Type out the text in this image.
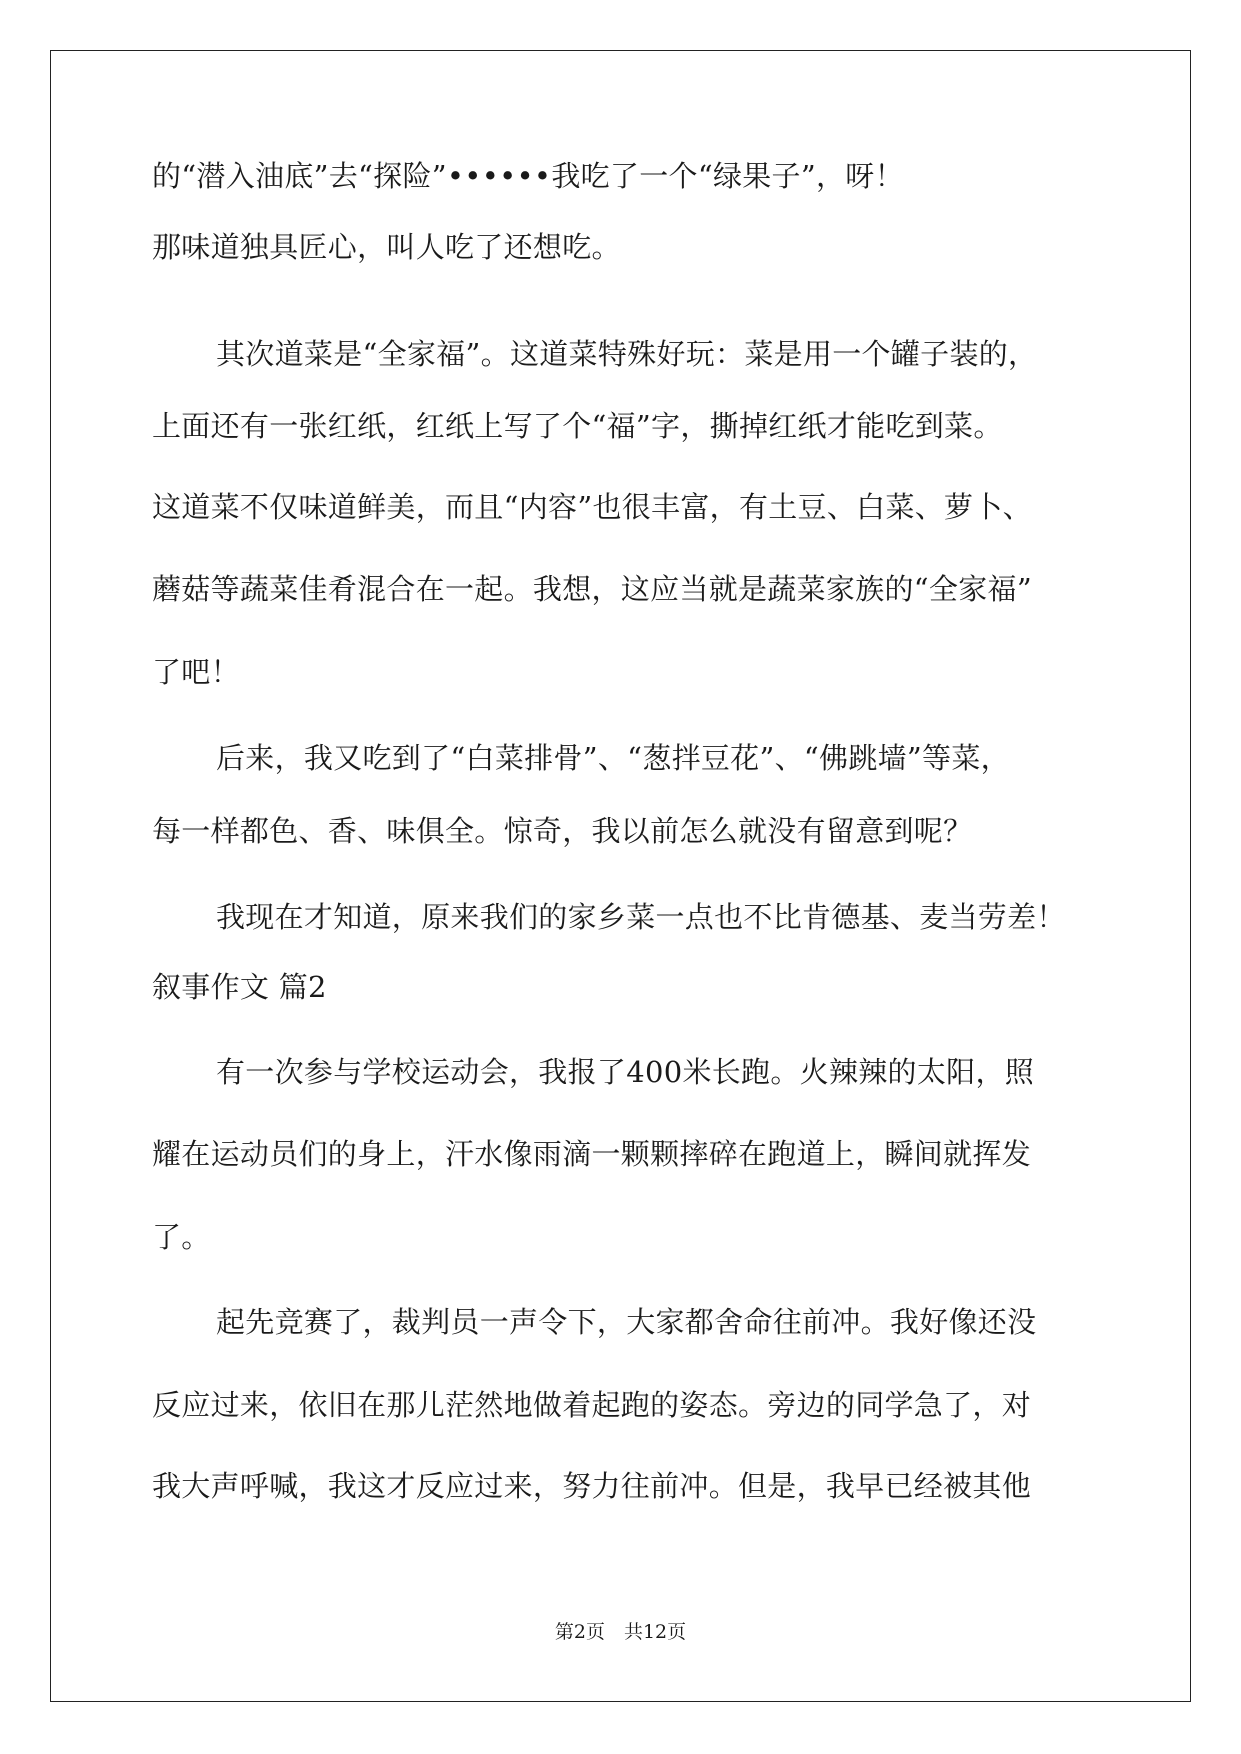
的“潜入油底”去“探险”••••••我吃了一个“绿果子”，呀！
那味道独具匠心，叫人吃了还想吃。
其次道菜是“全家福”。这道菜特殊好玩：菜是用一个罐子装的，
上面还有一张红纸，红纸上写了个“福”字，撕掉红纸才能吃到菜。
这道菜不仅味道鲜美，而且“内容”也很丰富，有土豆、白菜、萝卜、
蘑菇等蔬菜佳肴混合在一起。我想，这应当就是蔬菜家族的“全家福”
了吧！
后来，我又吃到了“白菜排骨”、“葱拌豆花”、“佛跳墙”等菜，
每一样都色、香、味俱全。惊奇，我以前怎么就没有留意到呢？
我现在才知道，原来我们的家乡菜一点也不比肯德基、麦当劳差！
叙事作文 篇2
有一次参与学校运动会，我报了400米长跑。火辣辣的太阳，照
耀在运动员们的身上，汗水像雨滴一颗颗摔碎在跑道上，瞬间就挥发
了。
起先竞赛了，裁判员一声令下，大家都舍命往前冲。我好像还没
反应过来，依旧在那儿茫然地做着起跑的姿态。旁边的同学急了，对
我大声呼喊，我这才反应过来，努力往前冲。但是，我早已经被其他
第2页　共12页
